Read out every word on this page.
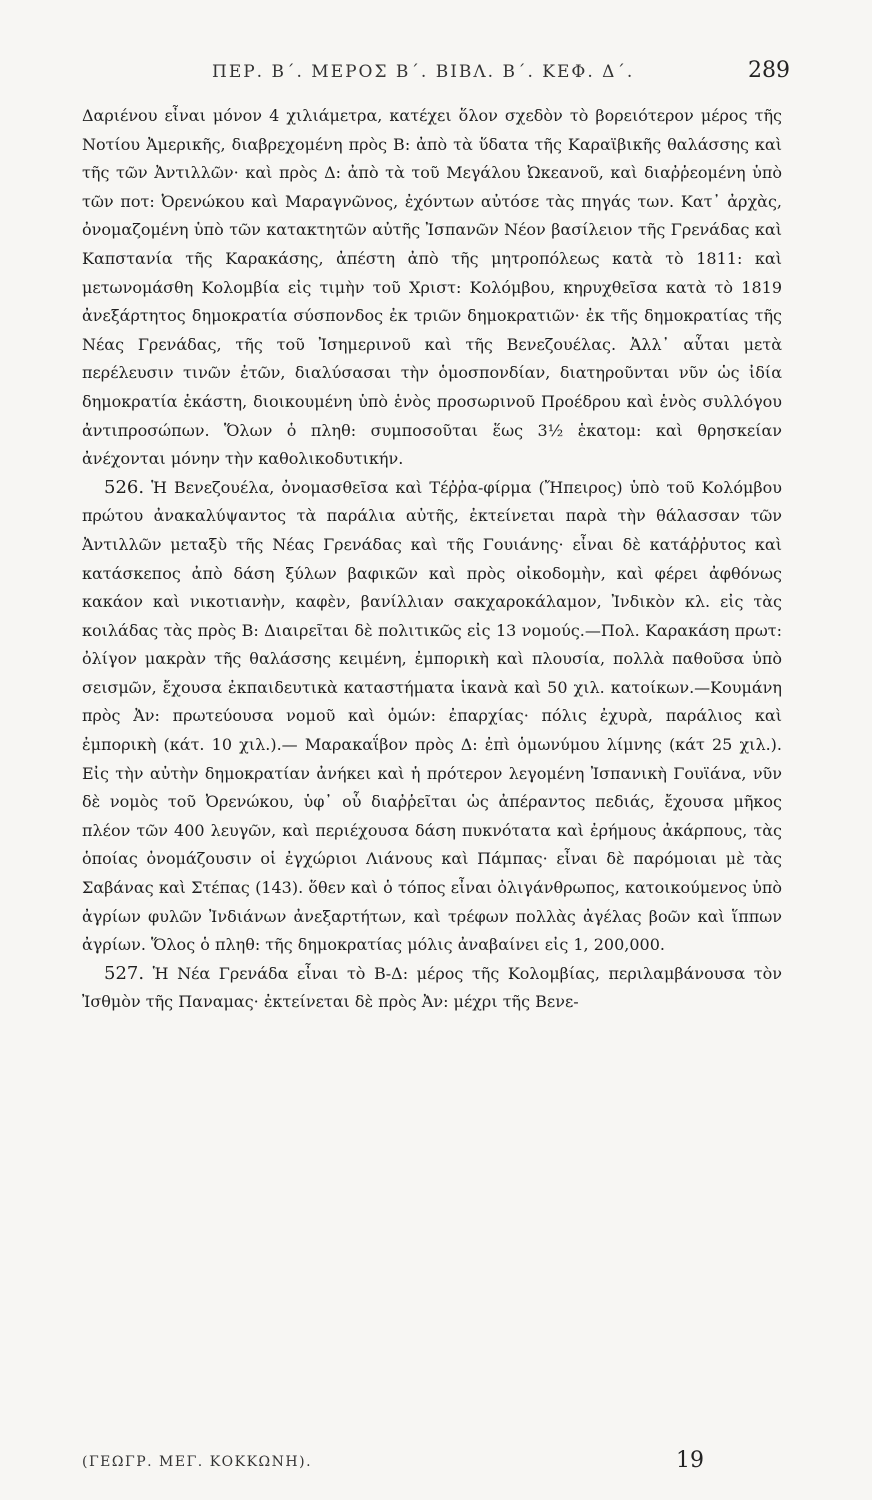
ΠΕΡ. Β΄. ΜΕΡΟΣ Β΄. ΒΙΒΛ. Β΄. ΚΕΦ. Δ΄.	289

Δαριένου εἶναι μόνον 4 χιλιάμετρα, κατέχει ὅλον σχεδὸν τὸ βορειότερον μέρος τῆς Νοτίου Ἀμερικῆς, διαβρεχομένη πρὸς Β: ἀπὸ τὰ ὕδατα τῆς Καραϊβικῆς θαλάσσης καὶ τῆς τῶν Ἀντιλλῶν· καὶ πρὸς Δ: ἀπὸ τὰ τοῦ Μεγάλου Ὠκεανοῦ, καὶ διαῤῥεομένη ὑπὸ τῶν ποτ: Ὀρενώκου καὶ Μαραγνῶνος, ἐχόντων αὐτόσε τὰς πηγάς των. Κατ᾽ ἀρχὰς, ὀνομαζομένη ὑπὸ τῶν κατακτητῶν αὐτῆς Ἰσπανῶν Νέον βασίλειον τῆς Γρενάδας καὶ Καπστανία τῆς Καρακάσης, ἀπέστη ἀπὸ τῆς μητροπόλεως κατὰ τὸ 1811: καὶ μετωνομάσθη Κολομβία εἰς τιμὴν τοῦ Χριστ: Κολόμβου, κηρυχθεῖσα κατὰ τὸ 1819 ἀνεξάρτητος δημοκρατία σύσπονδος ἐκ τριῶν δημοκρατιῶν· ἐκ τῆς δημοκρατίας τῆς Νέας Γρενάδας, τῆς τοῦ Ἰσημερινοῦ καὶ τῆς Βενεζουέλας. Ἀλλ᾽ αὗται μετὰ περέλευσιν τινῶν ἐτῶν, διαλύσασαι τὴν ὁμοσπονδίαν, διατηροῦνται νῦν ὡς ἰδία δημοκρατία ἑκάστη, διοικουμένη ὑπὸ ἑνὸς προσωρινοῦ Προέδρου καὶ ἑνὸς συλλόγου ἀντιπροσώπων. Ὅλων ὁ πληθ: συμποσοῦται ἕως 3½ ἑκατομ: καὶ θρησκείαν ἀνέχονται μόνην τὴν καθολικοδυτικήν.

526. Ἡ Βενεζουέλα, ὀνομασθεῖσα καὶ Τέῤῥα-φίρμα (Ἤπειρος) ὑπὸ τοῦ Κολόμβου πρώτου ἀνακαλύψαντος τὰ παράλια αὐτῆς, ἐκτείνεται παρὰ τὴν θάλασσαν τῶν Ἀντιλλῶν μεταξὺ τῆς Νέας Γρενάδας καὶ τῆς Γουιάνης· εἶναι δὲ κατάῤῥυτος καὶ κατάσκεπος ἀπὸ δάση ξύλων βαφικῶν καὶ πρὸς οἰκοδομὴν, καὶ φέρει ἀφθόνως κακάον καὶ νικοτιανὴν, καφὲν, βανίλλιαν σακχαροκάλαμον, Ἰνδικὸν κλ. εἰς τὰς κοιλάδας τὰς πρὸς Β: Διαιρεῖται δὲ πολιτικῶς εἰς 13 νομούς.—Πολ. Καρακάση πρωτ: ὀλίγον μακρὰν τῆς θαλάσσης κειμένη, ἐμπορικὴ καὶ πλουσία, πολλὰ παθοῦσα ὑπὸ σεισμῶν, ἔχουσα ἐκπαιδευτικὰ καταστήματα ἱκανὰ καὶ 50 χιλ. κατοίκων.—Κουμάνη πρὸς Ἀν: πρωτεύουσα νομοῦ καὶ ὁμών: ἐπαρχίας· πόλις ἐχυρὰ, παράλιος καὶ ἐμπορικὴ (κάτ. 10 χιλ.).— Μαρακαΐβον πρὸς Δ: ἐπὶ ὁμωνύμου λίμνης (κάτ 25 χιλ.). Εἰς τὴν αὐτὴν δημοκρατίαν ἀνήκει καὶ ἡ πρότερον λεγομένη Ἰσπανικὴ Γουϊάνα, νῦν δὲ νομὸς τοῦ Ὀρενώκου, ὑφ᾽ οὗ διαῤῥεῖται ὡς ἀπέραντος πεδιάς, ἔχουσα μῆκος πλέον τῶν 400 λευγῶν, καὶ περιέχουσα δάση πυκνότατα καὶ ἐρήμους ἀκάρπους, τὰς ὁποίας ὀνομάζουσιν οἱ ἐγχώριοι Λιάνους καὶ Πάμπας· εἶναι δὲ παρόμοιαι μὲ τὰς Σαβάνας καὶ Στέπας (143). ὅθεν καὶ ὁ τόπος εἶναι ὀλιγάνθρωπος, κατοικούμενος ὑπὸ ἀγρίων φυλῶν Ἰνδιάνων ἀνεξαρτήτων, καὶ τρέφων πολλὰς ἀγέλας βοῶν καὶ ἵππων ἀγρίων. Ὅλος ὁ πληθ: τῆς δημοκρατίας μόλις ἀναβαίνει εἰς 1, 200,000.

527. Ἡ Νέα Γρενάδα εἶναι τὸ Β-Δ: μέρος τῆς Κολομβίας, περιλαμβάνουσα τὸν Ἰσθμὸν τῆς Παναμας· ἐκτείνεται δὲ πρὸς Ἀν: μέχρι τῆς Βενε-

(ΓΕΩΓΡ. ΜΕΓ. ΚΟΚΚΩΝΗ).	19
